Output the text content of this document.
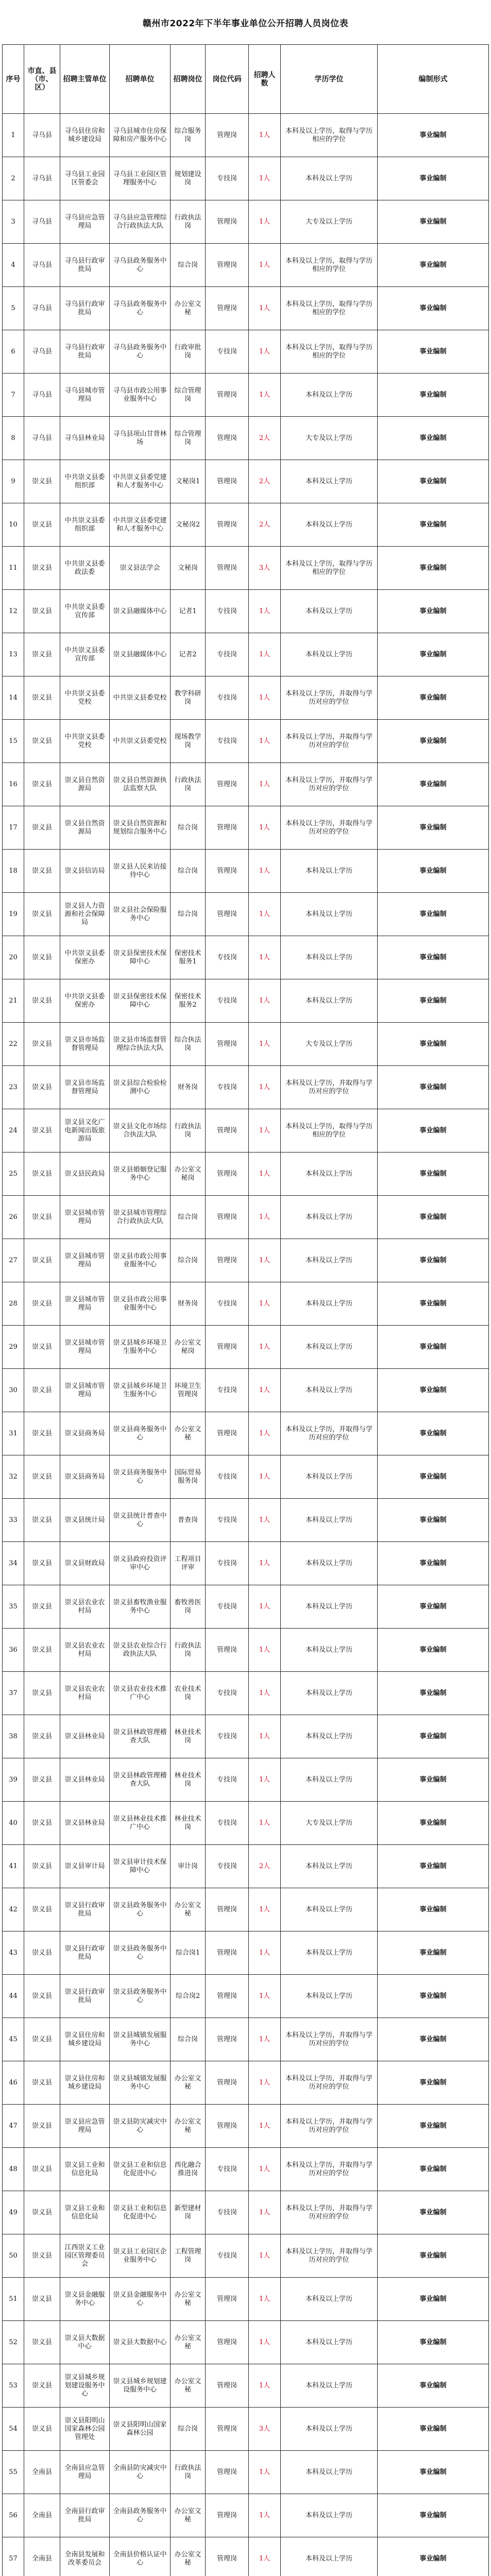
赣州市2022年下半年事业单位公开招聘人员岗位表
序号	市直、县（市、区）	招聘主管单位	招聘单位	招聘岗位	岗位代码	招聘人数	学历学位	编制形式
1	寻乌县	寻乌县住房和城乡建设局	寻乌县城市住房保障和房产服务中心	综合服务岗	管理岗	1人	本科及以上学历，取得与学历相应的学位	事业编制
2	寻乌县	寻乌县工业园区管委会	寻乌县工业园区管理服务中心	规划建设岗	专技岗	1人	本科及以上学历	事业编制
3	寻乌县	寻乌县应急管理局	寻乌县应急管理综合行政执法大队	行政执法岗	管理岗	1人	大专及以上学历	事业编制
4	寻乌县	寻乌县行政审批局	寻乌县政务服务中心	综合岗	管理岗	1人	本科及以上学历，取得与学历相应的学位	事业编制
5	寻乌县	寻乌县行政审批局	寻乌县政务服务中心	办公室文秘	管理岗	1人	本科及以上学历，取得与学历相应的学位	事业编制
6	寻乌县	寻乌县行政审批局	寻乌县政务服务中心	行政审批岗	专技岗	1人	本科及以上学历，取得与学历相应的学位	事业编制
7	寻乌县	寻乌县城市管理局	寻乌县市政公用事业服务中心	综合管理岗	管理岗	1人	本科及以上学历	事业编制
8	寻乌县	寻乌县林业局	寻乌县项山甘背林场	综合管理岗	管理岗	2人	大专及以上学历	事业编制
9	崇义县	中共崇义县委组织部	中共崇义县委党建和人才服务中心	文秘岗1	管理岗	2人	本科及以上学历	事业编制
10	崇义县	中共崇义县委组织部	中共崇义县委党建和人才服务中心	文秘岗2	管理岗	2人	本科及以上学历	事业编制
11	崇义县	中共崇义县委政法委	崇义县法学会	文秘岗	管理岗	3人	本科及以上学历，取得与学历相应的学位	事业编制
12	崇义县	中共崇义县委宣传部	崇义县融媒体中心	记者1	专技岗	1人	本科及以上学历	事业编制
13	崇义县	中共崇义县委宣传部	崇义县融媒体中心	记者2	专技岗	1人	本科及以上学历	事业编制
14	崇义县	中共崇义县委党校	中共崇义县委党校	教学科研岗	专技岗	1人	本科及以上学历，并取得与学历对应的学位	事业编制
15	崇义县	中共崇义县委党校	中共崇义县委党校	现场教学岗	专技岗	1人	本科及以上学历，并取得与学历对应的学位	事业编制
16	崇义县	崇义县自然资源局	崇义县自然资源执法监察大队	行政执法岗	管理岗	1人	本科及以上学历，并取得与学历对应的学位	事业编制
17	崇义县	崇义县自然资源局	崇义县自然资源和规划综合服务中心	综合岗	管理岗	1人	本科及以上学历，并取得与学历对应的学位	事业编制
18	崇义县	崇义县信访局	崇义县人民来访接待中心	综合岗	管理岗	1人	本科及以上学历	事业编制
19	崇义县	崇义县人力资源和社会保障局	崇义县社会保险服务中心	综合岗	管理岗	1人	本科及以上学历	事业编制
20	崇义县	中共崇义县委保密办	崇义县保密技术保障中心	保密技术服务1	专技岗	1人	本科及以上学历	事业编制
21	崇义县	中共崇义县委保密办	崇义县保密技术保障中心	保密技术服务2	专技岗	1人	本科及以上学历	事业编制
22	崇义县	崇义县市场监督管理局	崇义县市场监督管理综合执法大队	综合执法岗	管理岗	1人	大专及以上学历	事业编制
23	崇义县	崇义县市场监督管理局	崇义县综合检验检测中心	财务岗	专技岗	1人	本科及以上学历，并取得与学历对应的学位	事业编制
24	崇义县	崇义县文化广电新闻出版旅游局	崇义县文化市场综合执法大队	行政执法岗	管理岗	1人	本科及以上学历，取得与学历相应的学位	事业编制
25	崇义县	崇义县民政局	崇义县婚姻登记服务中心	办公室文秘岗	管理岗	1人	本科及以上学历	事业编制
26	崇义县	崇义县城市管理局	崇义县城市管理综合行政执法大队	综合岗	管理岗	1人	本科及以上学历	事业编制
27	崇义县	崇义县城市管理局	崇义县市政公用事业服务中心	综合岗	管理岗	1人	本科及以上学历	事业编制
28	崇义县	崇义县城市管理局	崇义县市政公用事业服务中心	财务岗	专技岗	1人	本科及以上学历	事业编制
29	崇义县	崇义县城市管理局	崇义县城乡环境卫生服务中心	办公室文秘岗	管理岗	1人	本科及以上学历	事业编制
30	崇义县	崇义县城市管理局	崇义县城乡环境卫生服务中心	环境卫生管理岗	专技岗	1人	本科及以上学历	事业编制
31	崇义县	崇义县商务局	崇义县商务服务中心	办公室文秘	管理岗	1人	本科及以上学历，并取得与学历对应的学位	事业编制
32	崇义县	崇义县商务局	崇义县商务服务中心	国际贸易服务岗	专技岗	1人	本科及以上学历	事业编制
33	崇义县	崇义县统计局	崇义县统计普查中心	普查岗	专技岗	1人	本科及以上学历	事业编制
34	崇义县	崇义县财政局	崇义县政府投资评审中心	工程项目评审	专技岗	1人	本科及以上学历	事业编制
35	崇义县	崇义县农业农村局	崇义县畜牧渔业服务中心	畜牧兽医岗	专技岗	1人	本科及以上学历	事业编制
36	崇义县	崇义县农业农村局	崇义县农业综合行政执法大队	行政执法岗	管理岗	1人	本科及以上学历	事业编制
37	崇义县	崇义县农业农村局	崇义县农业技术推广中心	农业技术岗	专技岗	1人	本科及以上学历	事业编制
38	崇义县	崇义县林业局	崇义县林政管理稽查大队	林业技术岗	专技岗	1人	本科及以上学历	事业编制
39	崇义县	崇义县林业局	崇义县林政管理稽查大队	林业技术岗	专技岗	1人	本科及以上学历	事业编制
40	崇义县	崇义县林业局	崇义县林业技术推广中心	林业技术岗	专技岗	1人	大专及以上学历	事业编制
41	崇义县	崇义县审计局	崇义县审计技术保障中心	审计岗	专技岗	2人	本科及以上学历	事业编制
42	崇义县	崇义县行政审批局	崇义县政务服务中心	办公室文秘	管理岗	1人	本科及以上学历	事业编制
43	崇义县	崇义县行政审批局	崇义县政务服务中心	综合岗1	管理岗	1人	本科及以上学历	事业编制
44	崇义县	崇义县行政审批局	崇义县政务服务中心	综合岗2	管理岗	1人	本科及以上学历	事业编制
45	崇义县	崇义县住房和城乡建设局	崇义县城镇发展服务中心	综合岗	管理岗	1人	本科及以上学历，并取得与学历对应的学位	事业编制
46	崇义县	崇义县住房和城乡建设局	崇义县城镇发展服务中心	办公室文秘	管理岗	1人	本科及以上学历，并取得与学历对应的学位	事业编制
47	崇义县	崇义县应急管理局	崇义县防灾减灾中心	办公室文秘	管理岗	1人	本科及以上学历，并取得与学历对应的学位	事业编制
48	崇义县	崇义县工业和信息化局	崇义县工业和信息化促进中心	西化融合推进岗	专技岗	1人	本科及以上学历，并取得与学历对应的学位	事业编制
49	崇义县	崇义县工业和信息化局	崇义县工业和信息化促进中心	新型建材岗	专技岗	1人	本科及以上学历，并取得与学历对应的学位	事业编制
50	崇义县	江西崇义工业园区管理委员会	崇义县工业园区企业服务中心	工程管理岗	专技岗	1人	本科及以上学历，并取得与学历对应的学位	事业编制
51	崇义县	崇义县金融服务中心	崇义县金融服务中心	办公室文秘	管理岗	1人	本科及以上学历	事业编制
52	崇义县	崇义县大数据中心	崇义县大数据中心	办公室文秘	管理岗	1人	本科及以上学历	事业编制
53	崇义县	崇义县城乡规划建设服务中心	崇义县城乡规划建设服务中心	办公室文秘	管理岗	1人	本科及以上学历	事业编制
54	崇义县	崇义县阳明山国家森林公园管理处	崇义县阳明山国家森林公园	综合岗	管理岗	3人	本科及以上学历	事业编制
55	全南县	全南县应急管理局	全南县防灾减灾中心	行政执法岗	管理岗	1人	本科及以上学历	事业编制
56	全南县	全南县行政审批局	全南县政务服务中心	办公室文秘	管理岗	1人	本科及以上学历	事业编制
57	全南县	全南县发展和改革委员会	全南县价格认证中心	办公室文秘	管理岗	1人	本科及以上学历	事业编制
